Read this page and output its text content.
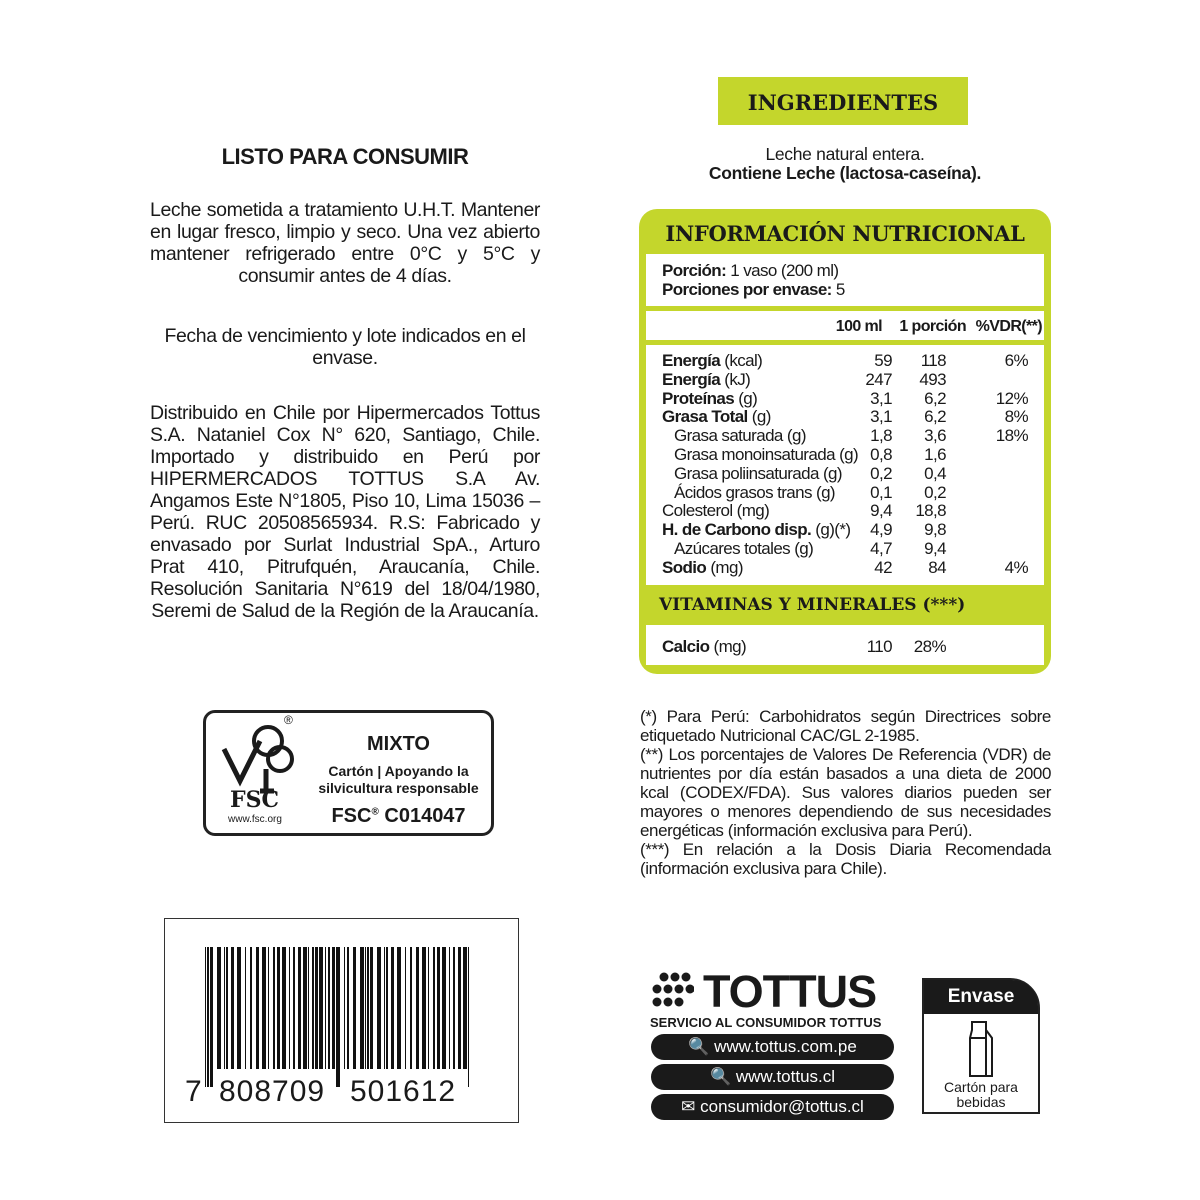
LISTO PARA CONSUMIR
Leche sometida a tratamiento U.H.T. Mantener en lugar fresco, limpio y seco. Una vez abierto mantener refrigerado entre 0°C y 5°C y consumir antes de 4 días.
Fecha de vencimiento y lote indicados en el envase.
Distribuido en Chile por Hipermercados Tottus S.A. Nataniel Cox N° 620, Santiago, Chile. Importado y distribuido en Perú por HIPERMERCADOS TOTTUS S.A Av. Angamos Este N°1805, Piso 10, Lima 15036 – Perú. RUC 20508565934. R.S: Fabricado y envasado por Surlat Industrial SpA., Arturo Prat 410, Pitrufquén, Araucanía, Chile. Resolución Sanitaria N°619 del 18/04/1980, Seremi de Salud de la Región de la Araucanía.
®
FSC
www.fsc.org
MIXTO
Cartón | Apoyando la silvicultura responsable
FSC® C014047
7 808709 501612
INGREDIENTES
Leche natural entera.
Contiene Leche (lactosa-caseína).
INFORMACIÓN NUTRICIONAL
Porción: 1 vaso (200 ml)
Porciones por envase: 5
100 ml 1 porción %VDR(**)
Energía (kcal)	59	118	6%
Energía (kJ)	247	493
Proteínas (g)	3,1	6,2	12%
Grasa Total (g)	3,1	6,2	8%
Grasa saturada (g)	1,8	3,6	18%
Grasa monoinsaturada (g) 0,8	1,6
Grasa poliinsaturada (g)	0,2	0,4
Ácidos grasos trans (g)	0,1	0,2
Colesterol (mg)	9,4	18,8
H. de Carbono disp. (g)(*)	4,9	9,8
Azúcares totales (g)	4,7	9,4
Sodio (mg)	42	84	4%
VITAMINAS Y MINERALES (***)
Calcio (mg)	110	28%
(*) Para Perú: Carbohidratos según Directrices sobre etiquetado Nutricional CAC/GL 2-1985.
(**) Los porcentajes de Valores De Referencia (VDR) de nutrientes por día están basados a una dieta de 2000 kcal (CODEX/FDA). Sus valores diarios pueden ser mayores o menores dependiendo de sus necesidades energéticas (información exclusiva para Perú).
(***) En relación a la Dosis Diaria Recomendada (información exclusiva para Chile).
TOTTUS
SERVICIO AL CONSUMIDOR TOTTUS
🔍 www.tottus.com.pe
🔍 www.tottus.cl
✉ consumidor@tottus.cl
Envase
Cartón para bebidas
